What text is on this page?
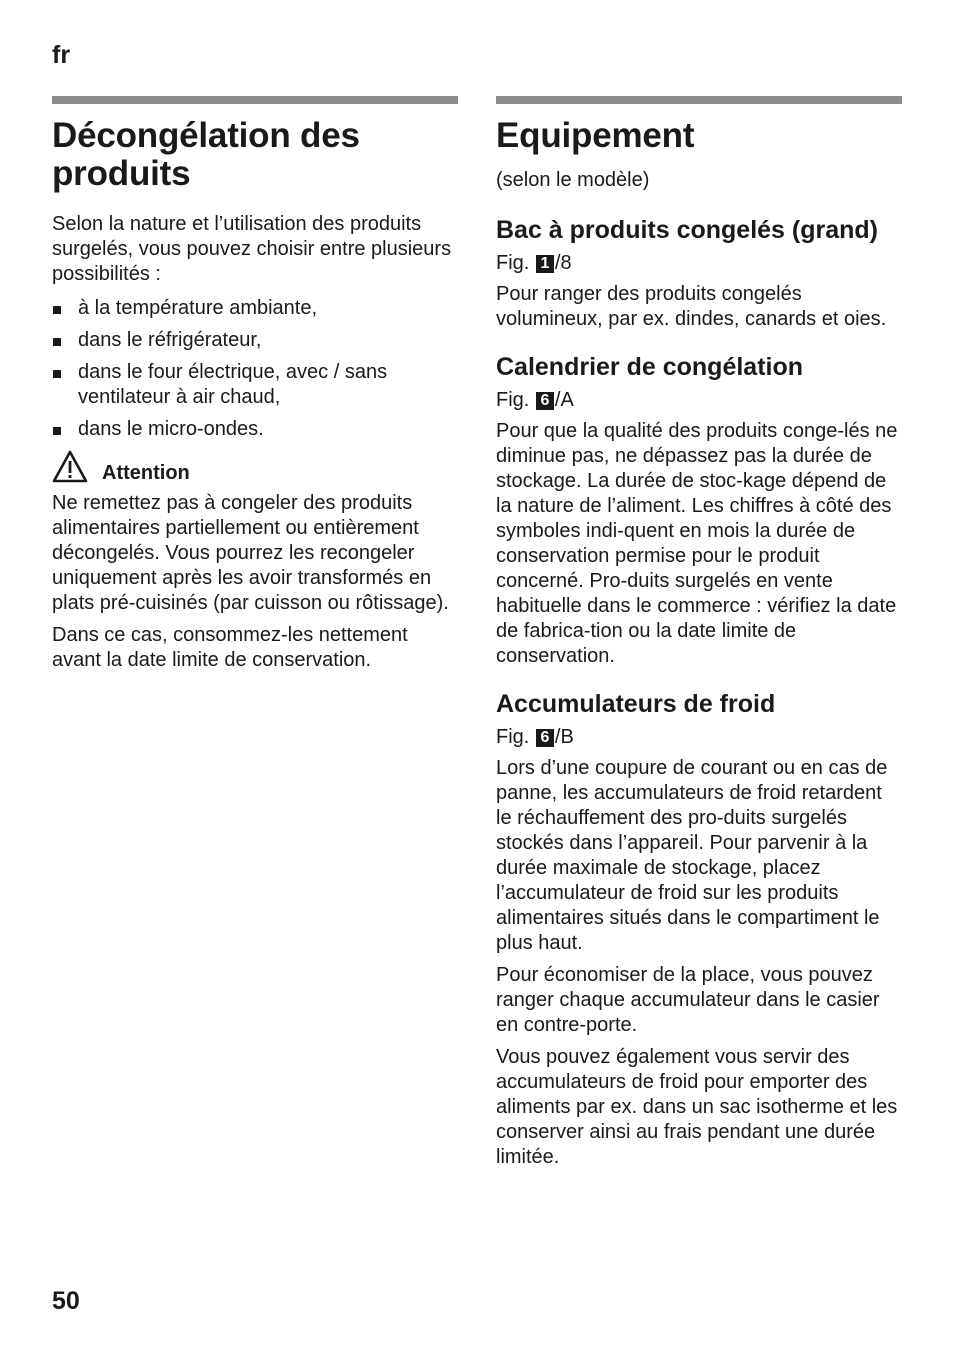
fr
Décongélation des produits

Selon la nature et l’utilisation des produits surgelés, vous pouvez choisir entre plusieurs possibilités :

à la température ambiante,
dans le réfrigérateur,
dans le four électrique, avec / sans ventilateur à air chaud,
dans le micro-ondes.
Attention

Ne remettez pas à congeler des produits alimentaires partiellement ou entièrement décongelés. Vous pourrez les recongeler uniquement après les avoir transformés en plats pré-cuisinés (par cuisson ou rôtissage).

Dans ce cas, consommez-les nettement avant la date limite de conservation.

Equipement

(selon le modèle)

Bac à produits congelés (grand)

Fig. 1 /8

Pour ranger des produits congelés volumineux, par ex. dindes, canards et oies.

Calendrier de congélation

Fig. 6 /A

Pour que la qualité des produits conge-lés ne diminue pas, ne dépassez pas la durée de stockage. La durée de stoc-kage dépend de la nature de l’aliment. Les chiffres à côté des symboles indi-quent en mois la durée de conservation permise pour le produit concerné. Pro-duits surgelés en vente habituelle dans le commerce : vérifiez la date de fabrica-tion ou la date limite de conservation.

Accumulateurs de froid

Fig. 6 /B

Lors d’une coupure de courant ou en cas de panne, les accumulateurs de froid retardent le réchauffement des pro-duits surgelés stockés dans l’appareil. Pour parvenir à la durée maximale de stockage, placez l’accumulateur de froid sur les produits alimentaires situés dans le compartiment le plus haut.

Pour économiser de la place, vous pouvez ranger chaque accumulateur dans le casier en contre-porte.

Vous pouvez également vous servir des accumulateurs de froid pour emporter des aliments par ex. dans un sac isotherme et les conserver ainsi au frais pendant une durée limitée.

50
